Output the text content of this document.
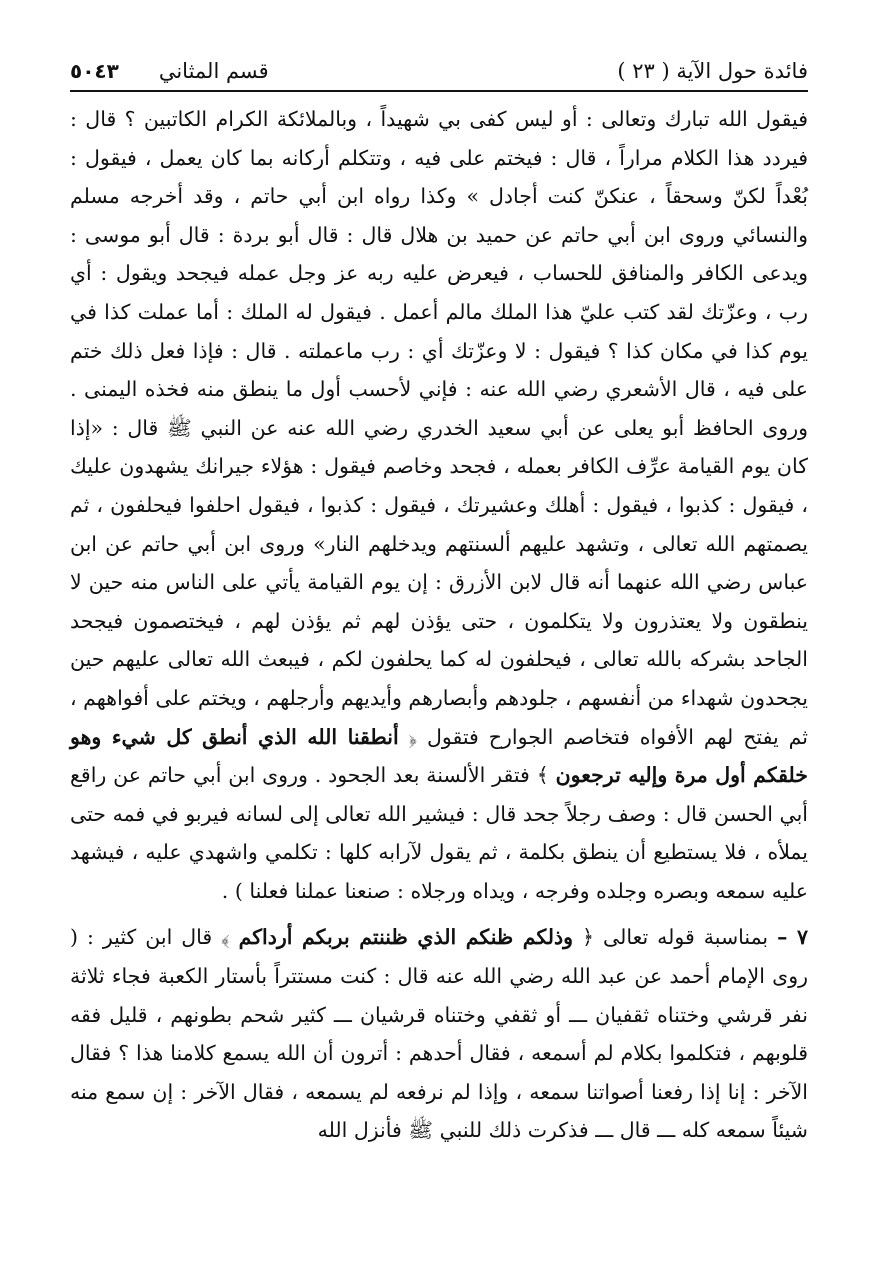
فائدة حول الآية ( ٢٣ )
قسم المثاني
٥٠٤٣

فيقول الله تبارك وتعالى : أو ليس كفى بي شهيداً ، وبالملائكة الكرام الكاتبين ؟ قال : فيردد هذا الكلام مراراً ، قال : فيختم على فيه ، وتتكلم أركانه بما كان يعمل ، فيقول : بُعْداً لكنّ وسحقاً ، عنكنّ كنت أجادل » وكذا رواه ابن أبي حاتم ، وقد أخرجه مسلم والنسائي وروى ابن أبي حاتم عن حميد بن هلال قال : قال أبو بردة : قال أبو موسى : ويدعى الكافر والمنافق للحساب ، فيعرض عليه ربه عز وجل عمله فيجحد ويقول : أي رب ، وعزّتك لقد كتب عليّ هذا الملك مالم أعمل . فيقول له الملك : أما عملت كذا في يوم كذا في مكان كذا ؟ فيقول : لا وعزّتك أي : رب ماعملته . قال : فإذا فعل ذلك ختم على فيه ، قال الأشعري رضي الله عنه : فإني لأحسب أول ما ينطق منه فخذه اليمنى . وروى الحافظ أبو يعلى عن أبي سعيد الخدري رضي الله عنه عن النبي ﷺ قال : «إذا كان يوم القيامة عرِّف الكافر بعمله ، فجحد وخاصم فيقول : هؤلاء جيرانك يشهدون عليك ، فيقول : كذبوا ، فيقول : أهلك وعشيرتك ، فيقول : كذبوا ، فيقول احلفوا فيحلفون ، ثم يصمتهم الله تعالى ، وتشهد عليهم ألسنتهم ويدخلهم النار» وروى ابن أبي حاتم عن ابن عباس رضي الله عنهما أنه قال لابن الأزرق : إن يوم القيامة يأتي على الناس منه حين لا ينطقون ولا يعتذرون ولا يتكلمون ، حتى يؤذن لهم ثم يؤذن لهم ، فيختصمون فيجحد الجاحد بشركه بالله تعالى ، فيحلفون له كما يحلفون لكم ، فيبعث الله تعالى عليهم حين يجحدون شهداء من أنفسهم ، جلودهم وأبصارهم وأيديهم وأرجلهم ، ويختم على أفواههم ، ثم يفتح لهم الأفواه فتخاصم الجوارح فتقول ﴿ أنطقنا الله الذي أنطق كل شيء وهو خلقكم أول مرة وإليه ترجعون ﴾ فتقر الألسنة بعد الجحود . وروى ابن أبي حاتم عن راقع أبي الحسن قال : وصف رجلاً جحد قال : فيشير الله تعالى إلى لسانه فيربو في فمه حتى يملأه ، فلا يستطيع أن ينطق بكلمة ، ثم يقول لآرابه كلها : تكلمي واشهدي عليه ، فيشهد عليه سمعه وبصره وجلده وفرجه ، ويداه ورجلاه : صنعنا عملنا فعلنا ) .

٧ – بمناسبة قوله تعالى ﴿ وذلكم ظنكم الذي ظننتم بربكم أرداكم ﴾ قال ابن كثير : ( روى الإمام أحمد عن عبد الله رضي الله عنه قال : كنت مستتراً بأستار الكعبة فجاء ثلاثة نفر قرشي وختناه ثقفيان ـــ أو ثقفي وختناه قرشيان ـــ كثير شحم بطونهم ، قليل فقه قلوبهم ، فتكلموا بكلام لم أسمعه ، فقال أحدهم : أترون أن الله يسمع كلامنا هذا ؟ فقال الآخر : إنا إذا رفعنا أصواتنا سمعه ، وإذا لم نرفعه لم يسمعه ، فقال الآخر : إن سمع منه شيئاً سمعه كله ـــ قال ـــ فذكرت ذلك للنبي ﷺ فأنزل الله
